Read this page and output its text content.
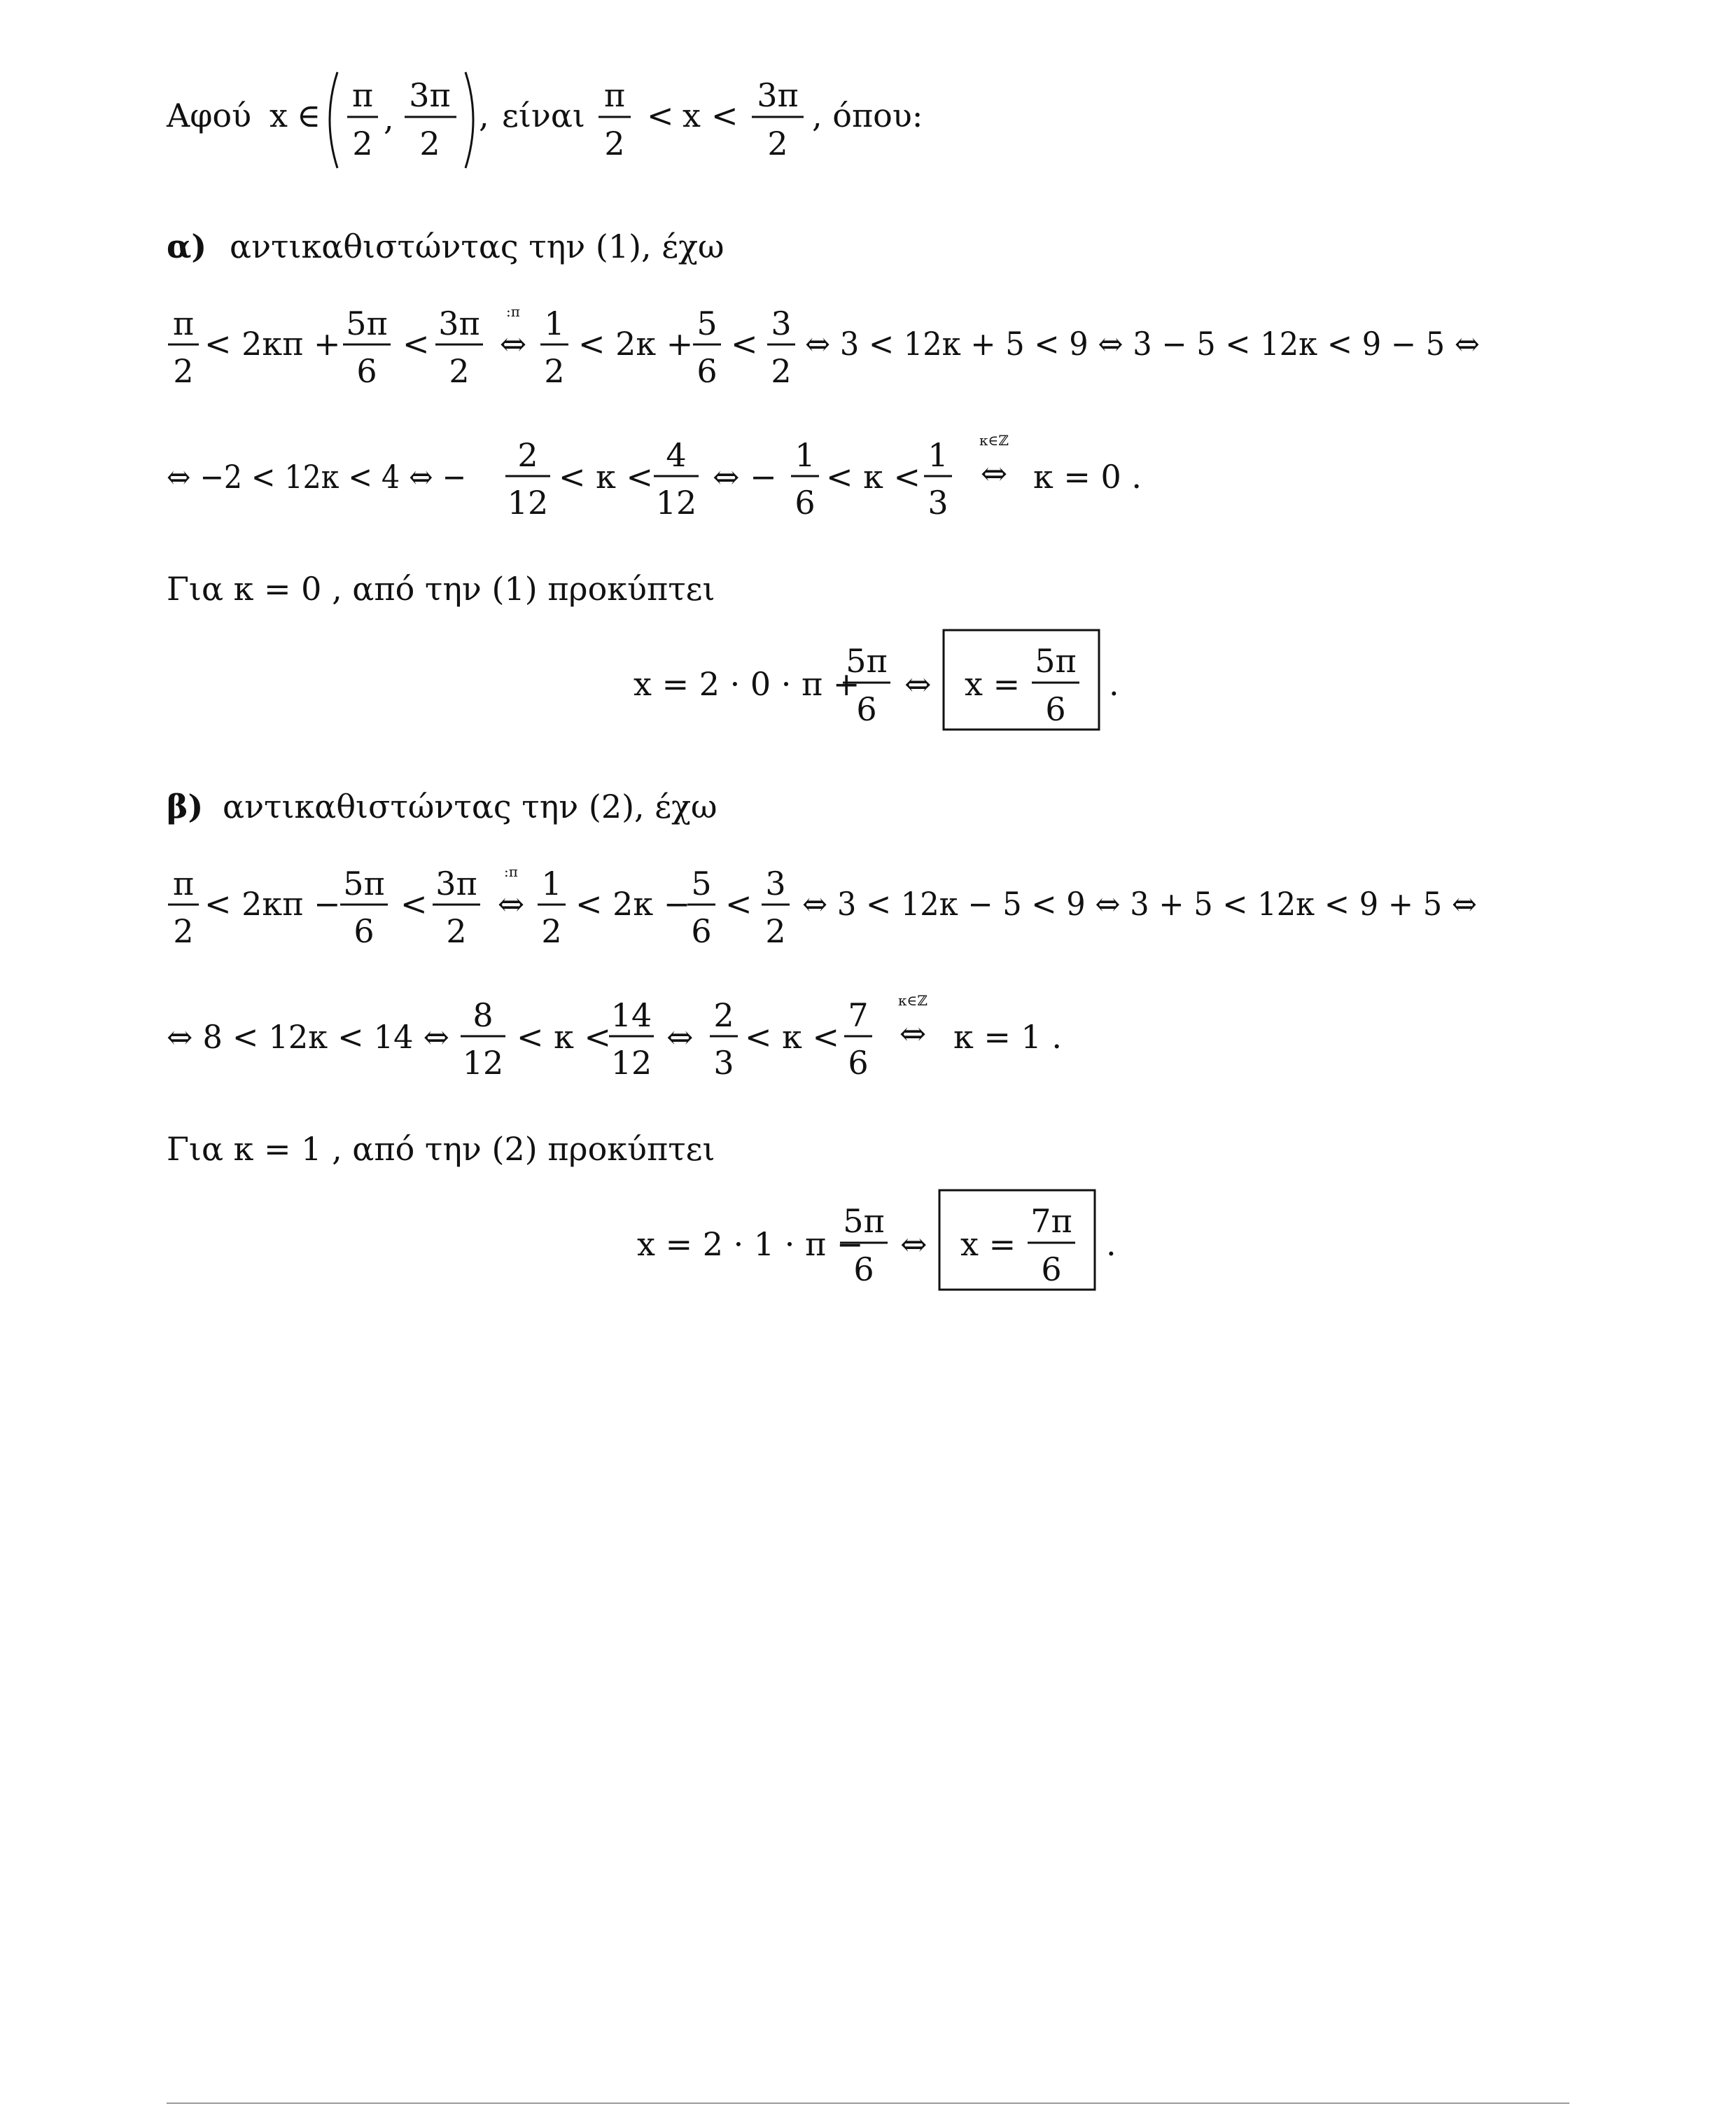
Αφού x ∈
π
2
,
3π
2
, είναι
π
2
< x <
3π
2
, όπου:
α) αντικαθιστώντας την (1), έχω
π
2
< 2κπ +
5π
6
<
3π
2
:π
⇔
1
2
< 2κ +
5
6
<
3
2
⇔ 3 < 12κ + 5 < 9 ⇔ 3 − 5 < 12κ < 9 − 5 ⇔
⇔ −2 < 12κ < 4 ⇔ −
2
12
< κ <
4
12
⇔ −
1
6
< κ <
1
3
κ∈ℤ
⇔ κ = 0 .
Για κ = 0 , από την (1) προκύπτει
x = 2 · 0 · π +
5π
6
⇔ x =
5π
6
.
β) αντικαθιστώντας την (2), έχω
π
2
< 2κπ −
5π
6
<
3π
2
:π
⇔
1
2
< 2κ −
5
6
<
3
2
⇔ 3 < 12κ − 5 < 9 ⇔ 3 + 5 < 12κ < 9 + 5 ⇔
⇔ 8 < 12κ < 14 ⇔
8
12
< κ <
14
12
⇔
2
3
< κ <
7
6
κ∈ℤ
⇔ κ = 1 .
Για κ = 1 , από την (2) προκύπτει
x = 2 · 1 · π −
5π
6
⇔ x =
7π
6
.
